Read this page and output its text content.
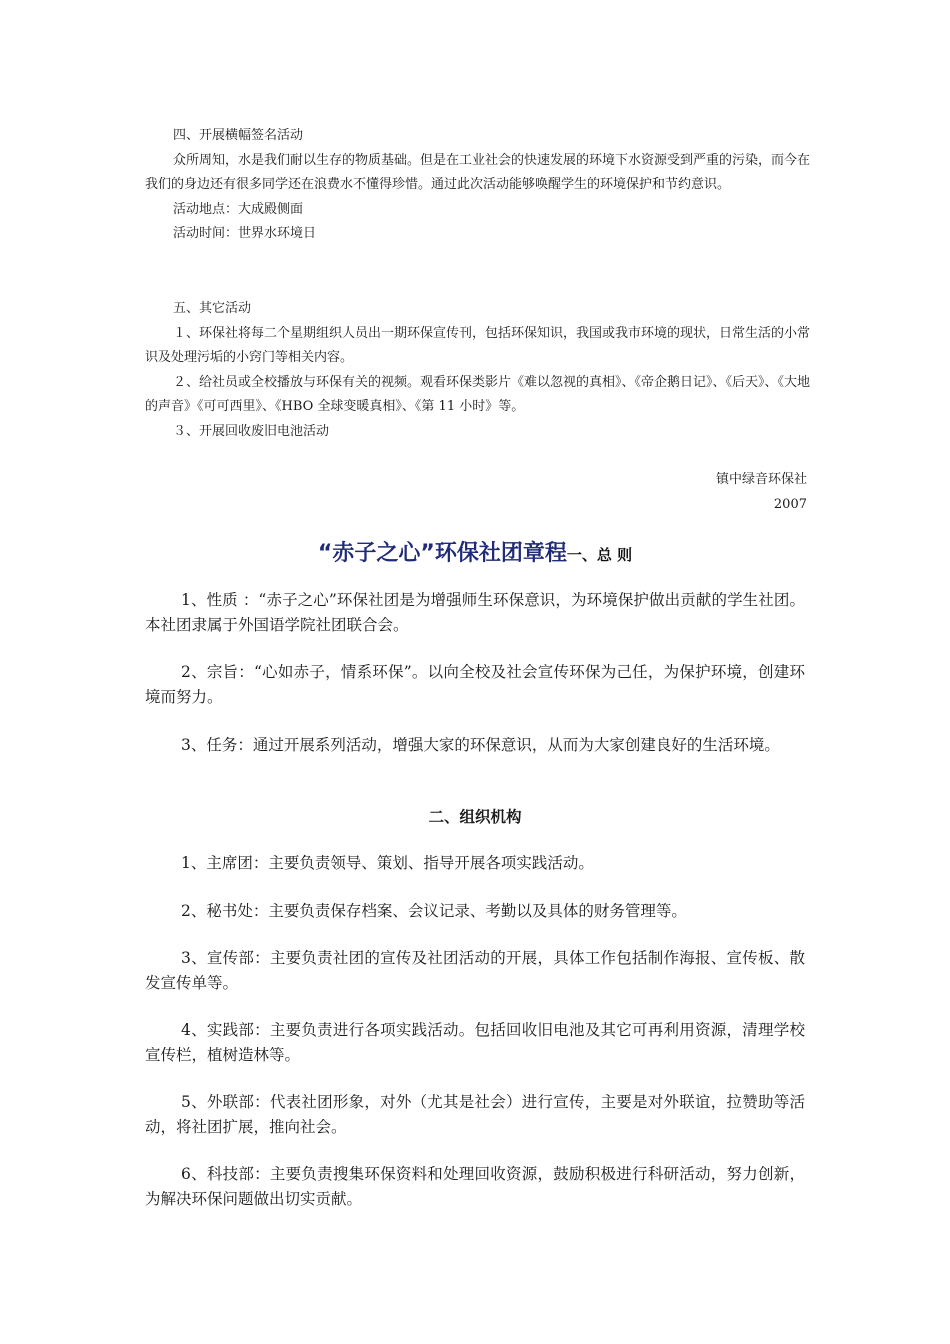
四、开展横幅签名活动

众所周知，水是我们耐以生存的物质基础。但是在工业社会的快速发展的环境下水资源受到严重的污染，而今在我们的身边还有很多同学还在浪费水不懂得珍惜。通过此次活动能够唤醒学生的环境保护和节约意识。

活动地点：大成殿侧面

活动时间：世界水环境日

五、其它活动

１、环保社将每二个星期组织人员出一期环保宣传刊，包括环保知识，我国或我市环境的现状，日常生活的小常识及处理污垢的小窍门等相关内容。

２、给社员或全校播放与环保有关的视频。观看环保类影片《难以忽视的真相》、《帝企鹅日记》、《后天》、《大地的声音》《可可西里》、《HBO 全球变暖真相》、《第 11 小时》等。

３、开展回收废旧电池活动

镇中绿音环保社
2007
“赤子之心”环保社团章程一、总 则

1、性质 ：“赤子之心”环保社团是为增强师生环保意识，为环境保护做出贡献的学生社团。本社团隶属于外国语学院社团联合会。

2、宗旨：“心如赤子，情系环保”。以向全校及社会宣传环保为己任，为保护环境，创建环境而努力。

3、任务：通过开展系列活动，增强大家的环保意识，从而为大家创建良好的生活环境。

二、组织机构

1、主席团：主要负责领导、策划、指导开展各项实践活动。

2、秘书处：主要负责保存档案、会议记录、考勤以及具体的财务管理等。

3、宣传部：主要负责社团的宣传及社团活动的开展，具体工作包括制作海报、宣传板、散发宣传单等。

4、实践部：主要负责进行各项实践活动。包括回收旧电池及其它可再利用资源，清理学校宣传栏，植树造林等。

5、外联部：代表社团形象，对外（尤其是社会）进行宣传，主要是对外联谊，拉赞助等活动，将社团扩展，推向社会。

6、科技部：主要负责搜集环保资料和处理回收资源，鼓励积极进行科研活动，努力创新，为解决环保问题做出切实贡献。
